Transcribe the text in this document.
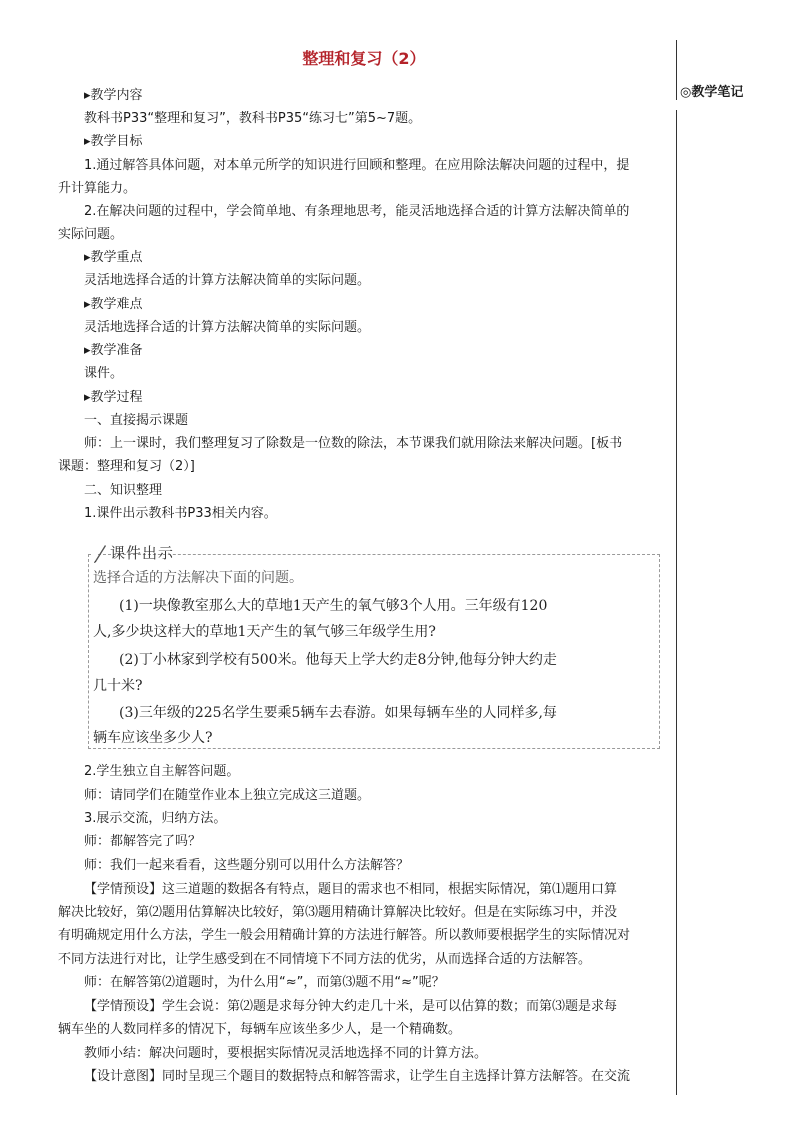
整理和复习（2）
◎教学笔记
▸教学内容
教科书P33“整理和复习”，教科书P35“练习七”第5~7题。
▸教学目标
1.通过解答具体问题，对本单元所学的知识进行回顾和整理。在应用除法解决问题的过程中，提
升计算能力。
2.在解决问题的过程中，学会简单地、有条理地思考，能灵活地选择合适的计算方法解决简单的
实际问题。
▸教学重点
灵活地选择合适的计算方法解决简单的实际问题。
▸教学难点
灵活地选择合适的计算方法解决简单的实际问题。
▸教学准备
课件。
▸教学过程
一、直接揭示课题
师：上一课时，我们整理复习了除数是一位数的除法，本节课我们就用除法来解决问题。[板书
课题：整理和复习（2）]
二、知识整理
1.课件出示教科书P33相关内容。
选择合适的方法解决下面的问题。
(1)一块像教室那么大的草地1天产生的氧气够3个人用。三年级有120
人,多少块这样大的草地1天产生的氧气够三年级学生用?
(2)丁小林家到学校有500米。他每天上学大约走8分钟,他每分钟大约走
几十米?
(3)三年级的225名学生要乘5辆车去春游。如果每辆车坐的人同样多,每
辆车应该坐多少人?
课件出示
2.学生独立自主解答问题。
师：请同学们在随堂作业本上独立完成这三道题。
3.展示交流，归纳方法。
师：都解答完了吗？
师：我们一起来看看，这些题分别可以用什么方法解答？
【学情预设】这三道题的数据各有特点，题目的需求也不相同，根据实际情况，第⑴题用口算
解决比较好，第⑵题用估算解决比较好，第⑶题用精确计算解决比较好。但是在实际练习中，并没
有明确规定用什么方法，学生一般会用精确计算的方法进行解答。所以教师要根据学生的实际情况对
不同方法进行对比，让学生感受到在不同情境下不同方法的优劣，从而选择合适的方法解答。
师：在解答第⑵道题时，为什么用“≈”，而第⑶题不用“≈”呢？
【学情预设】学生会说：第⑵题是求每分钟大约走几十米，是可以估算的数；而第⑶题是求每
辆车坐的人数同样多的情况下，每辆车应该坐多少人，是一个精确数。
教师小结：解决问题时，要根据实际情况灵活地选择不同的计算方法。
【设计意图】同时呈现三个题目的数据特点和解答需求，让学生自主选择计算方法解答。在交流
